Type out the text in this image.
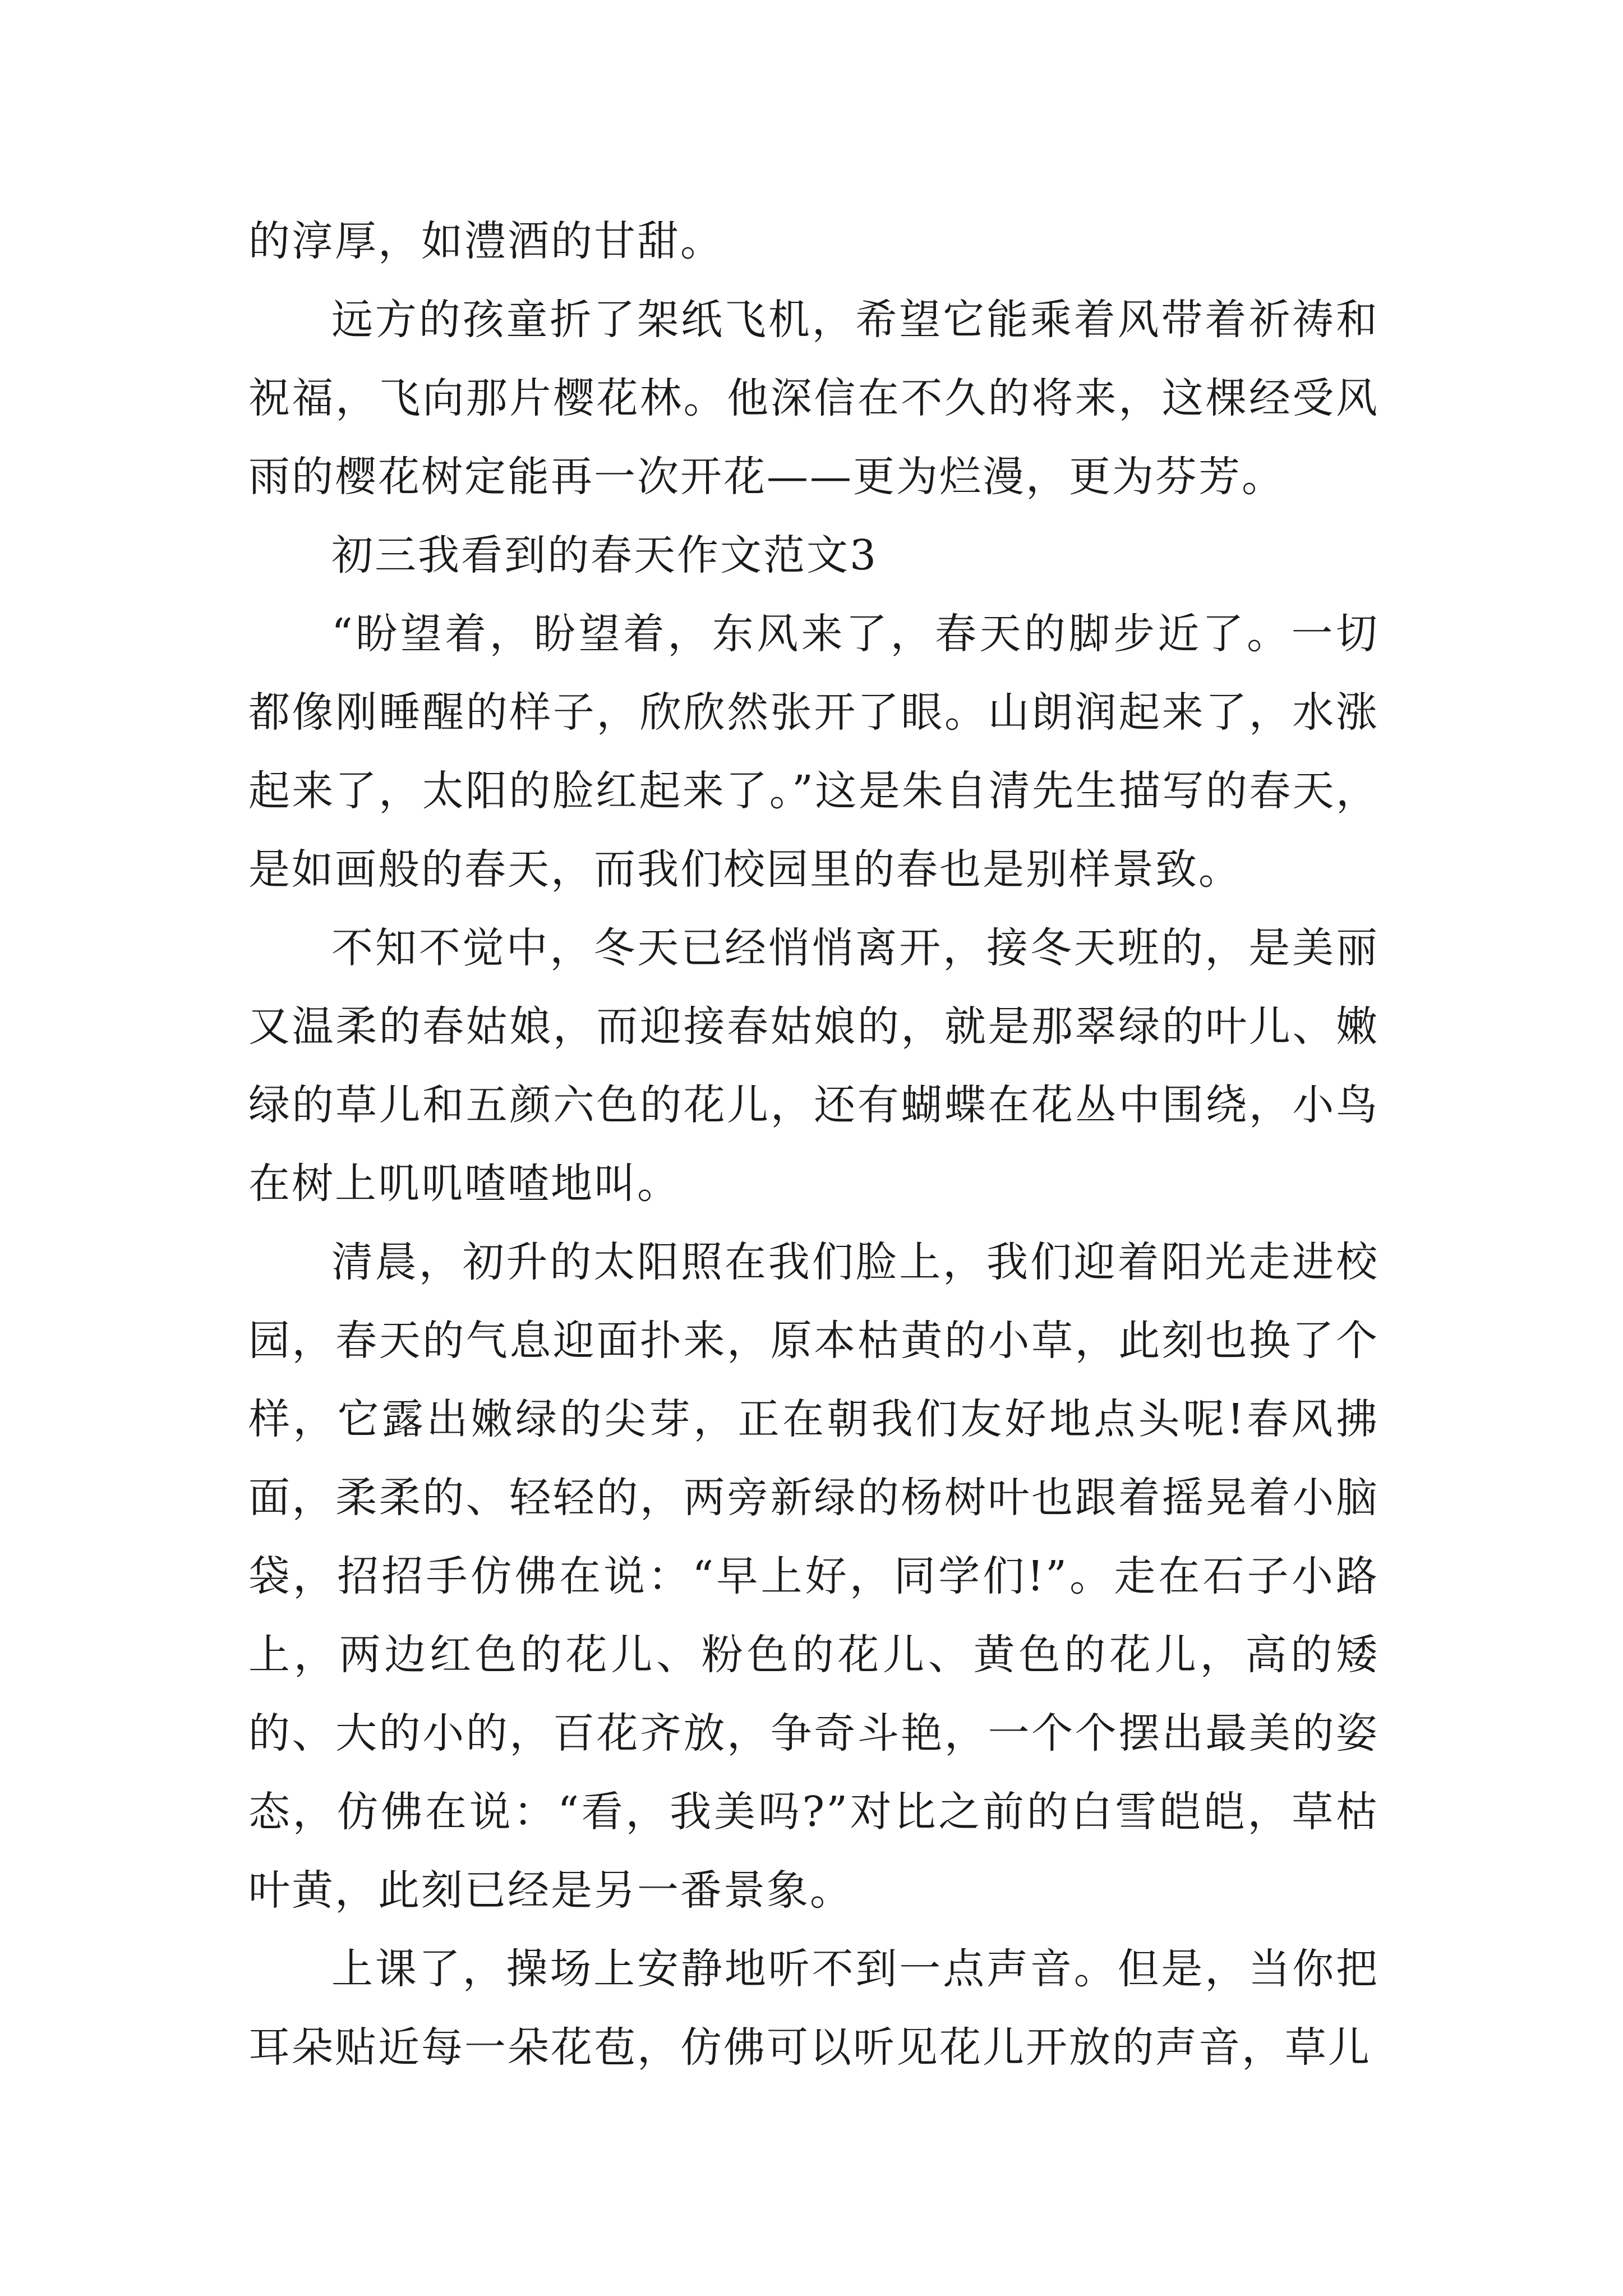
的淳厚，如澧酒的甘甜。

远方的孩童折了架纸飞机，希望它能乘着风带着祈祷和祝福，飞向那片樱花林。他深信在不久的将来，这棵经受风雨的樱花树定能再一次开花——更为烂漫，更为芬芳。

初三我看到的春天作文范文3

“盼望着，盼望着，东风来了，春天的脚步近了。一切都像刚睡醒的样子，欣欣然张开了眼。山朗润起来了，水涨起来了，太阳的脸红起来了。”这是朱自清先生描写的春天，是如画般的春天，而我们校园里的春也是别样景致。

不知不觉中，冬天已经悄悄离开，接冬天班的，是美丽又温柔的春姑娘，而迎接春姑娘的，就是那翠绿的叶儿、嫩绿的草儿和五颜六色的花儿，还有蝴蝶在花丛中围绕，小鸟在树上叽叽喳喳地叫。

清晨，初升的太阳照在我们脸上，我们迎着阳光走进校园，春天的气息迎面扑来，原本枯黄的小草，此刻也换了个样，它露出嫩绿的尖芽，正在朝我们友好地点头呢!春风拂面，柔柔的、轻轻的，两旁新绿的杨树叶也跟着摇晃着小脑袋，招招手仿佛在说：“早上好，同学们!”。走在石子小路上，两边红色的花儿、粉色的花儿、黄色的花儿，高的矮的、大的小的，百花齐放，争奇斗艳，一个个摆出最美的姿态，仿佛在说：“看，我美吗?”对比之前的白雪皑皑，草枯叶黄，此刻已经是另一番景象。

上课了，操场上安静地听不到一点声音。但是，当你把耳朵贴近每一朵花苞，仿佛可以听见花儿开放的声音，草儿
